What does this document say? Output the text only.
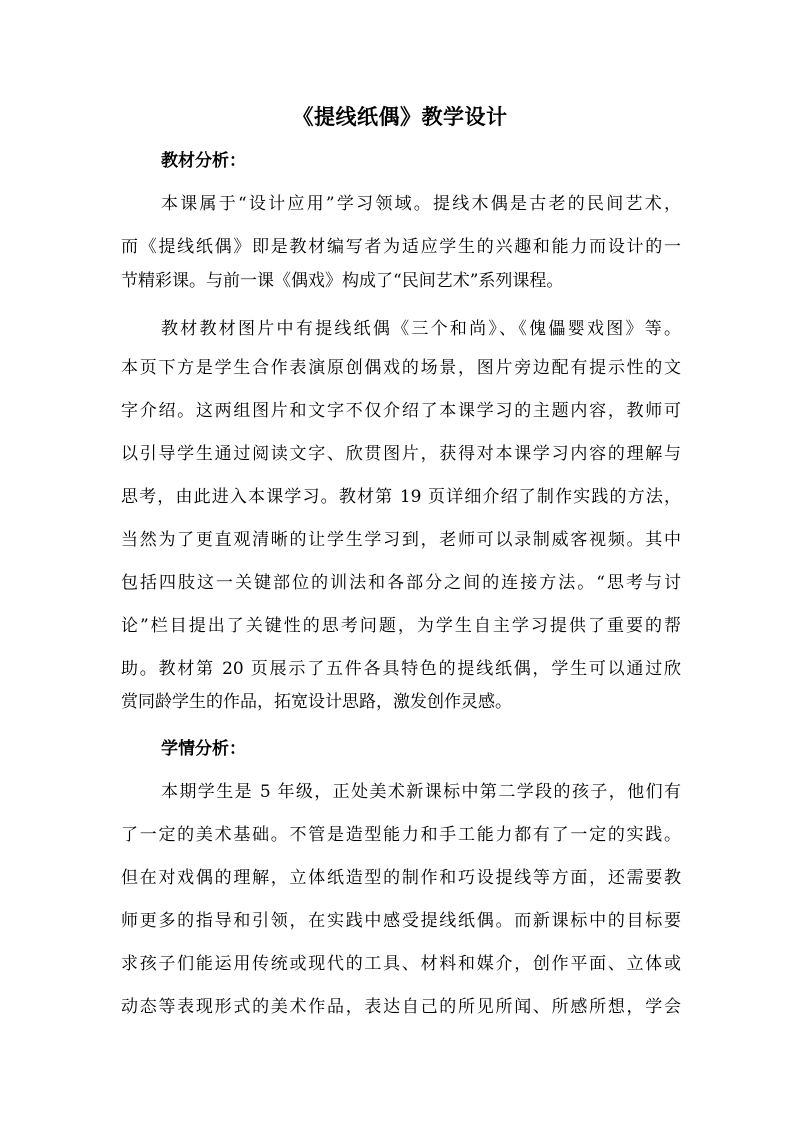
《提线纸偶》教学设计
教材分析：
本课属于“设计应用”学习领域。提线木偶是古老的民间艺术，
而《提线纸偶》即是教材编写者为适应学生的兴趣和能力而设计的一
节精彩课。与前一课《偶戏》构成了“民间艺术”系列课程。
教材教材图片中有提线纸偶《三个和尚》、《傀儡婴戏图》等。
本页下方是学生合作表演原创偶戏的场景，图片旁边配有提示性的文
字介绍。这两组图片和文字不仅介绍了本课学习的主题内容，教师可
以引导学生通过阅读文字、欣贯图片，获得对本课学习内容的理解与
思考，由此进入本课学习。教材第 19 页详细介绍了制作实践的方法，
当然为了更直观清晰的让学生学习到，老师可以录制威客视频。其中
包括四肢这一关键部位的训法和各部分之间的连接方法。“思考与讨
论”栏目提出了关键性的思考问题，为学生自主学习提供了重要的帮
助。教材第 20 页展示了五件各具特色的提线纸偶，学生可以通过欣
赏同龄学生的作品，拓宽设计思路，激发创作灵感。
学情分析：
本期学生是 5 年级，正处美术新课标中第二学段的孩子，他们有
了一定的美术基础。不管是造型能力和手工能力都有了一定的实践。
但在对戏偶的理解，立体纸造型的制作和巧设提线等方面，还需要教
师更多的指导和引领，在实践中感受提线纸偶。而新课标中的目标要
求孩子们能运用传统或现代的工具、材料和媒介，创作平面、立体或
动态等表现形式的美术作品，表达自己的所见所闻、所感所想，学会
